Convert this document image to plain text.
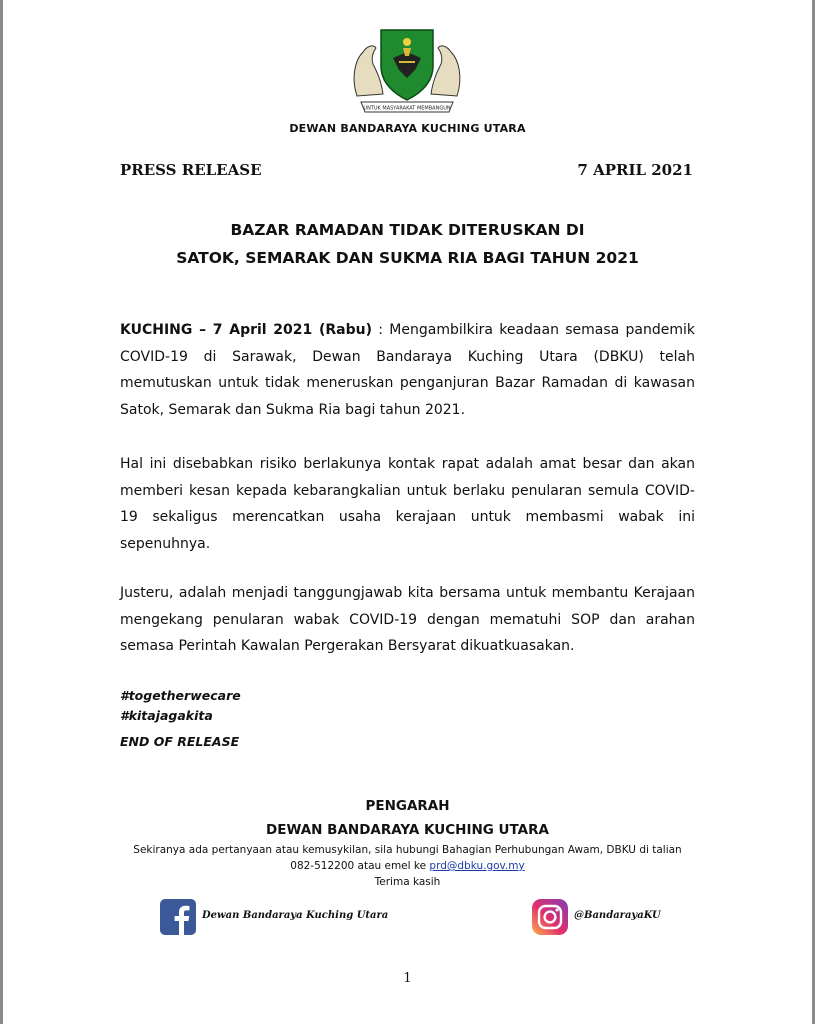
UNTUK MASYARAKAT MEMBANGUN
DEWAN BANDARAYA KUCHING UTARA
PRESS RELEASE	7 APRIL 2021
BAZAR RAMADAN TIDAK DITERUSKAN DI
SATOK, SEMARAK DAN SUKMA RIA BAGI TAHUN 2021
KUCHING – 7 April 2021 (Rabu) : Mengambilkira keadaan semasa pandemik COVID-19 di Sarawak, Dewan Bandaraya Kuching Utara (DBKU) telah memutuskan untuk tidak meneruskan penganjuran Bazar Ramadan di kawasan Satok, Semarak dan Sukma Ria bagi tahun 2021.
Hal ini disebabkan risiko berlakunya kontak rapat adalah amat besar dan akan memberi kesan kepada kebarangkalian untuk berlaku penularan semula COVID-19 sekaligus merencatkan usaha kerajaan untuk membasmi wabak ini sepenuhnya.
Justeru, adalah menjadi tanggungjawab kita bersama untuk membantu Kerajaan mengekang penularan wabak COVID-19 dengan mematuhi SOP dan arahan semasa Perintah Kawalan Pergerakan Bersyarat dikuatkuasakan.
#togetherwecare
#kitajagakita
END OF RELEASE
PENGARAH
DEWAN BANDARAYA KUCHING UTARA
Sekiranya ada pertanyaan atau kemusykilan, sila hubungi Bahagian Perhubungan Awam, DBKU di talian
082-512200 atau emel ke prd@dbku.gov.my
Terima kasih
Dewan Bandaraya Kuching Utara	@BandarayaKU
1
